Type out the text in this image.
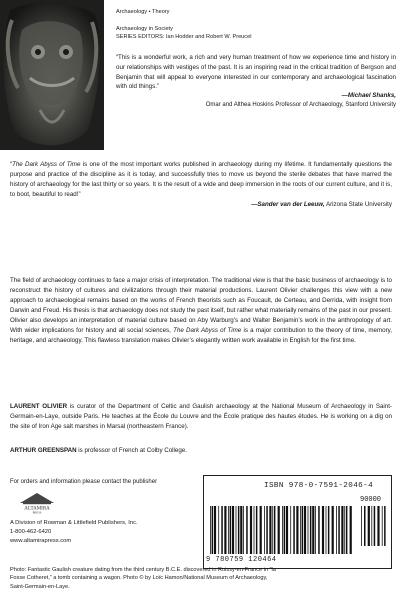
Archaeology • Theory
Archaeology in Society
SERIES EDITORS: Ian Hodder and Robert W. Preucel

“This is a wonderful work, a rich and very human treatment of how we experience time and history in our relationships with vestiges of the past. It is an inspiring read in the critical tradition of Bergson and Benjamin that will appeal to everyone interested in our contemporary and archaeological fascination with old things.”

—Michael Shanks,
Omar and Althea Hoskins Professor of Archaeology, Stanford University
“The Dark Abyss of Time is one of the most important works published in archaeology during my lifetime. It fundamentally questions the purpose and practice of the discipline as it is today, and successfully tries to move us beyond the sterile debates that have marred the history of archaeology for the last thirty or so years. It is the result of a wide and deep immersion in the roots of our current culture, and it is, to boot, beautiful to read!”
—Sander van der Leeuw, Arizona State University

The field of archaeology continues to face a major crisis of interpretation. The traditional view is that the basic business of archaeology is to reconstruct the history of cultures and civilizations through their material productions. Laurent Olivier challenges this view with a new approach to archaeological remains based on the works of French theorists such as Foucault, de Certeau, and Derrida, with insight from Darwin and Freud. His thesis is that archaeology does not study the past itself, but rather what materially remains of the past in our present. Olivier also develops an interpretation of material culture based on Aby Warburg’s and Walter Benjamin’s work in the anthropology of art. With wider implications for history and all social sciences, The Dark Abyss of Time is a major contribution to the theory of time, memory, heritage, and archaeology. This flawless translation makes Olivier’s elegantly written work available in English for the first time.

LAURENT OLIVIER is curator of the Department of Celtic and Gaulish archaeology at the National Museum of Archaeology in Saint-Germain-en-Laye, outside Paris. He teaches at the École du Louvre and the École pratique des hautes études. He is working on a dig on the site of Iron Age salt marshes in Marsal (northeastern France).

ARTHUR GREENSPAN is professor of French at Colby College.

For orders and information please contact the publisher
ALTAMIRA
PRESS
A Division of Rowman & Littlefield Publishers, Inc.
1-800-462-6420
www.altamirapress.com
ISBN 978-0-7591-2046-4
90000
9 780759 120464
Photo: Fantastic Gaulish creature dating from the third century B.C.E. discovered in Roissy-en-France in “la Fosse Cotheret,” a tomb containing a wagon. Photo © by Loïc Hamon/National Museum of Archaeology, Saint-Germain-en-Laye.
